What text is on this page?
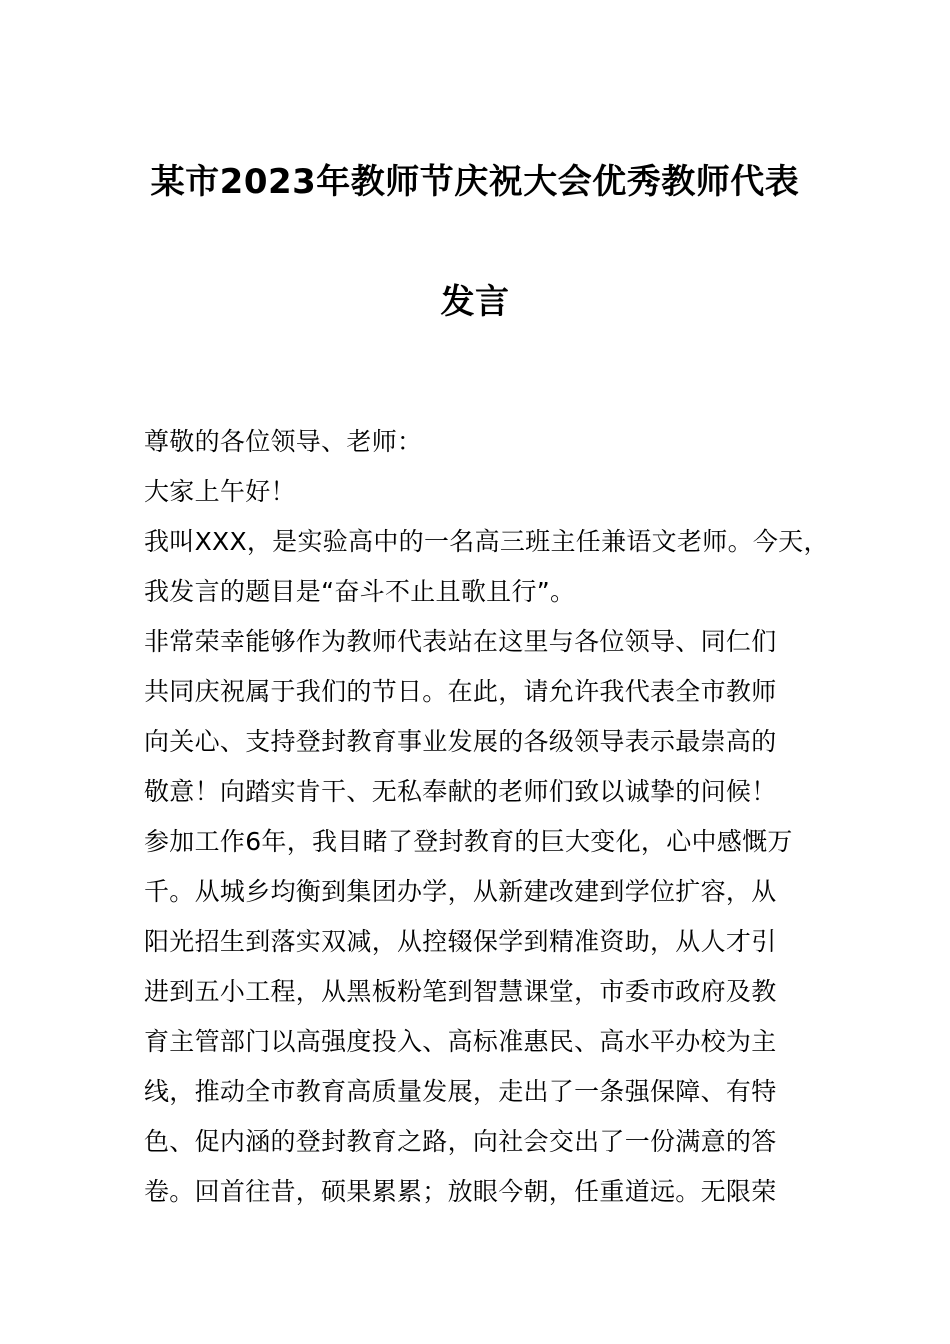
某市2023年教师节庆祝大会优秀教师代表
发言
尊敬的各位领导、老师：
大家上午好！
我叫XXX，是实验高中的一名高三班主任兼语文老师。今天，
我发言的题目是“奋斗不止且歌且行”。
非常荣幸能够作为教师代表站在这里与各位领导、同仁们
共同庆祝属于我们的节日。在此，请允许我代表全市教师
向关心、支持登封教育事业发展的各级领导表示最崇高的
敬意！向踏实肯干、无私奉献的老师们致以诚挚的问候！
参加工作6年，我目睹了登封教育的巨大变化，心中感慨万
千。从城乡均衡到集团办学，从新建改建到学位扩容，从
阳光招生到落实双减，从控辍保学到精准资助，从人才引
进到五小工程，从黑板粉笔到智慧课堂，市委市政府及教
育主管部门以高强度投入、高标准惠民、高水平办校为主
线，推动全市教育高质量发展，走出了一条强保障、有特
色、促内涵的登封教育之路，向社会交出了一份满意的答
卷。回首往昔，硕果累累；放眼今朝，任重道远。无限荣
